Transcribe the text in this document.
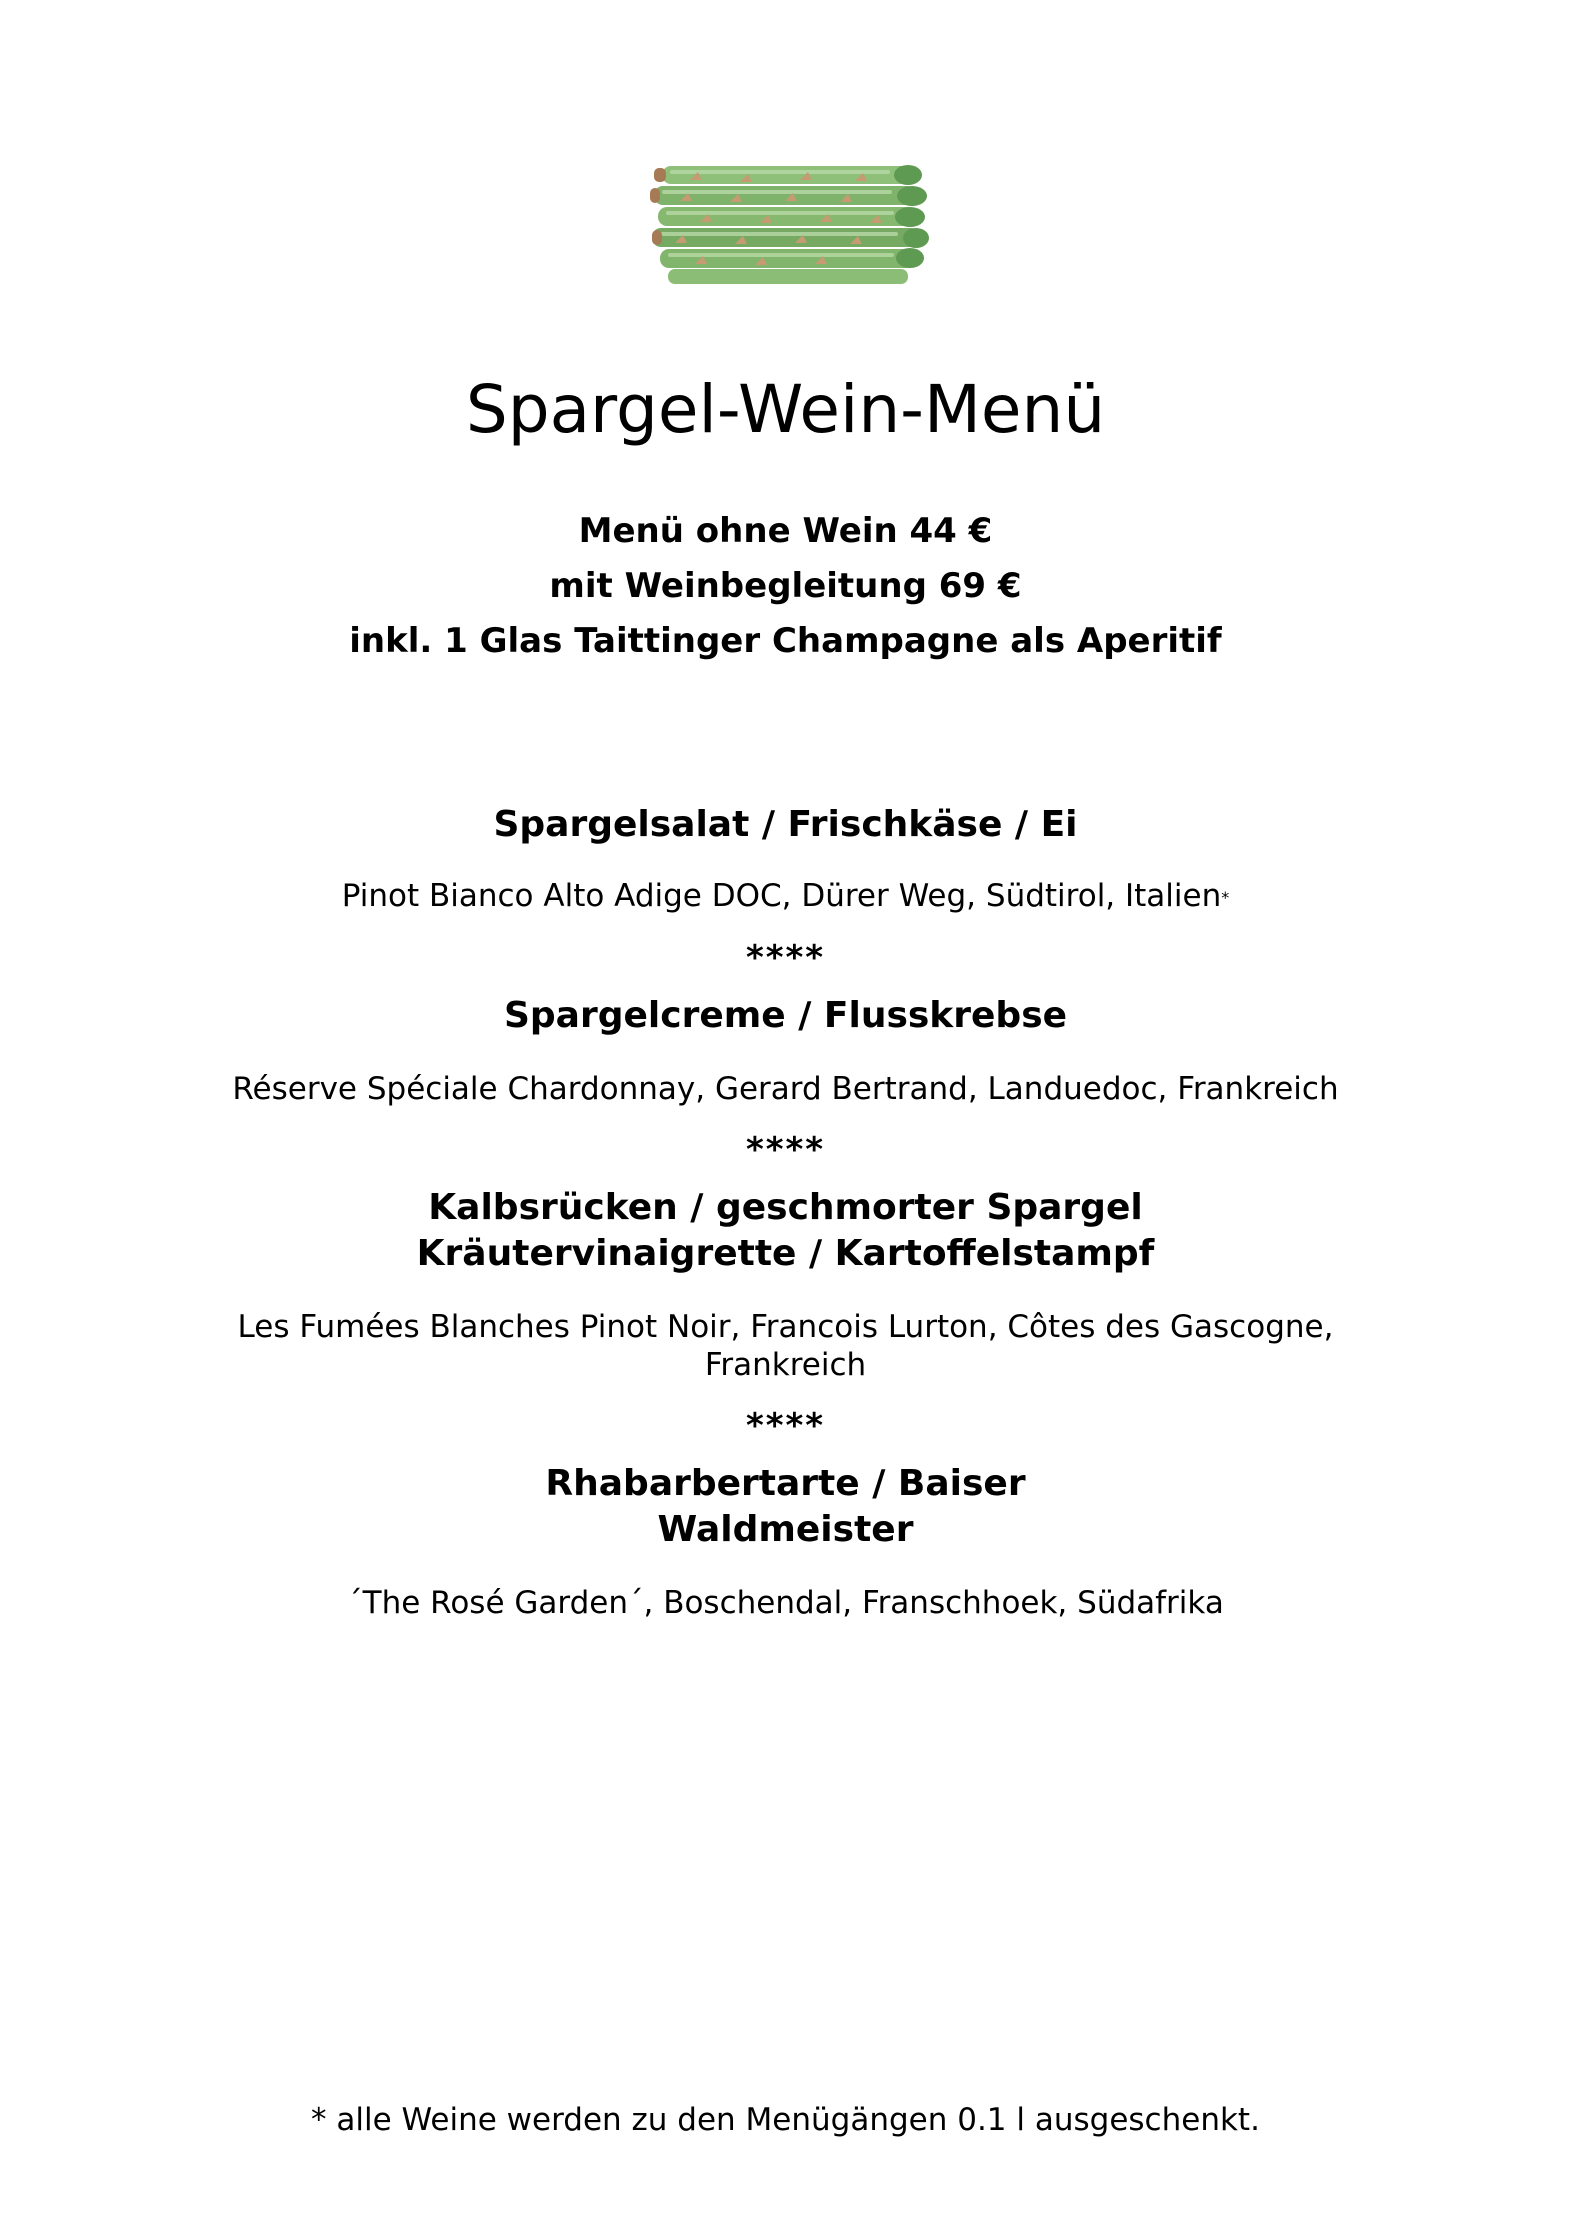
Spargel-Wein-Menü
Menü ohne Wein 44 €
mit Weinbegleitung 69 €
inkl. 1 Glas Taittinger Champagne als Aperitif
Spargelsalat / Frischkäse / Ei
Pinot Bianco Alto Adige DOC, Dürer Weg, Südtirol, Italien*
****
Spargelcreme / Flusskrebse
Réserve Spéciale Chardonnay, Gerard Bertrand, Landuedoc, Frankreich
****
Kalbsrücken / geschmorter Spargel
Kräutervinaigrette / Kartoffelstampf
Les Fumées Blanches Pinot Noir, Francois Lurton, Côtes des Gascogne,
Frankreich
****
Rhabarbertarte / Baiser
Waldmeister
´The Rosé Garden´, Boschendal, Franschhoek, Südafrika
* alle Weine werden zu den Menügängen 0.1 l ausgeschenkt.
